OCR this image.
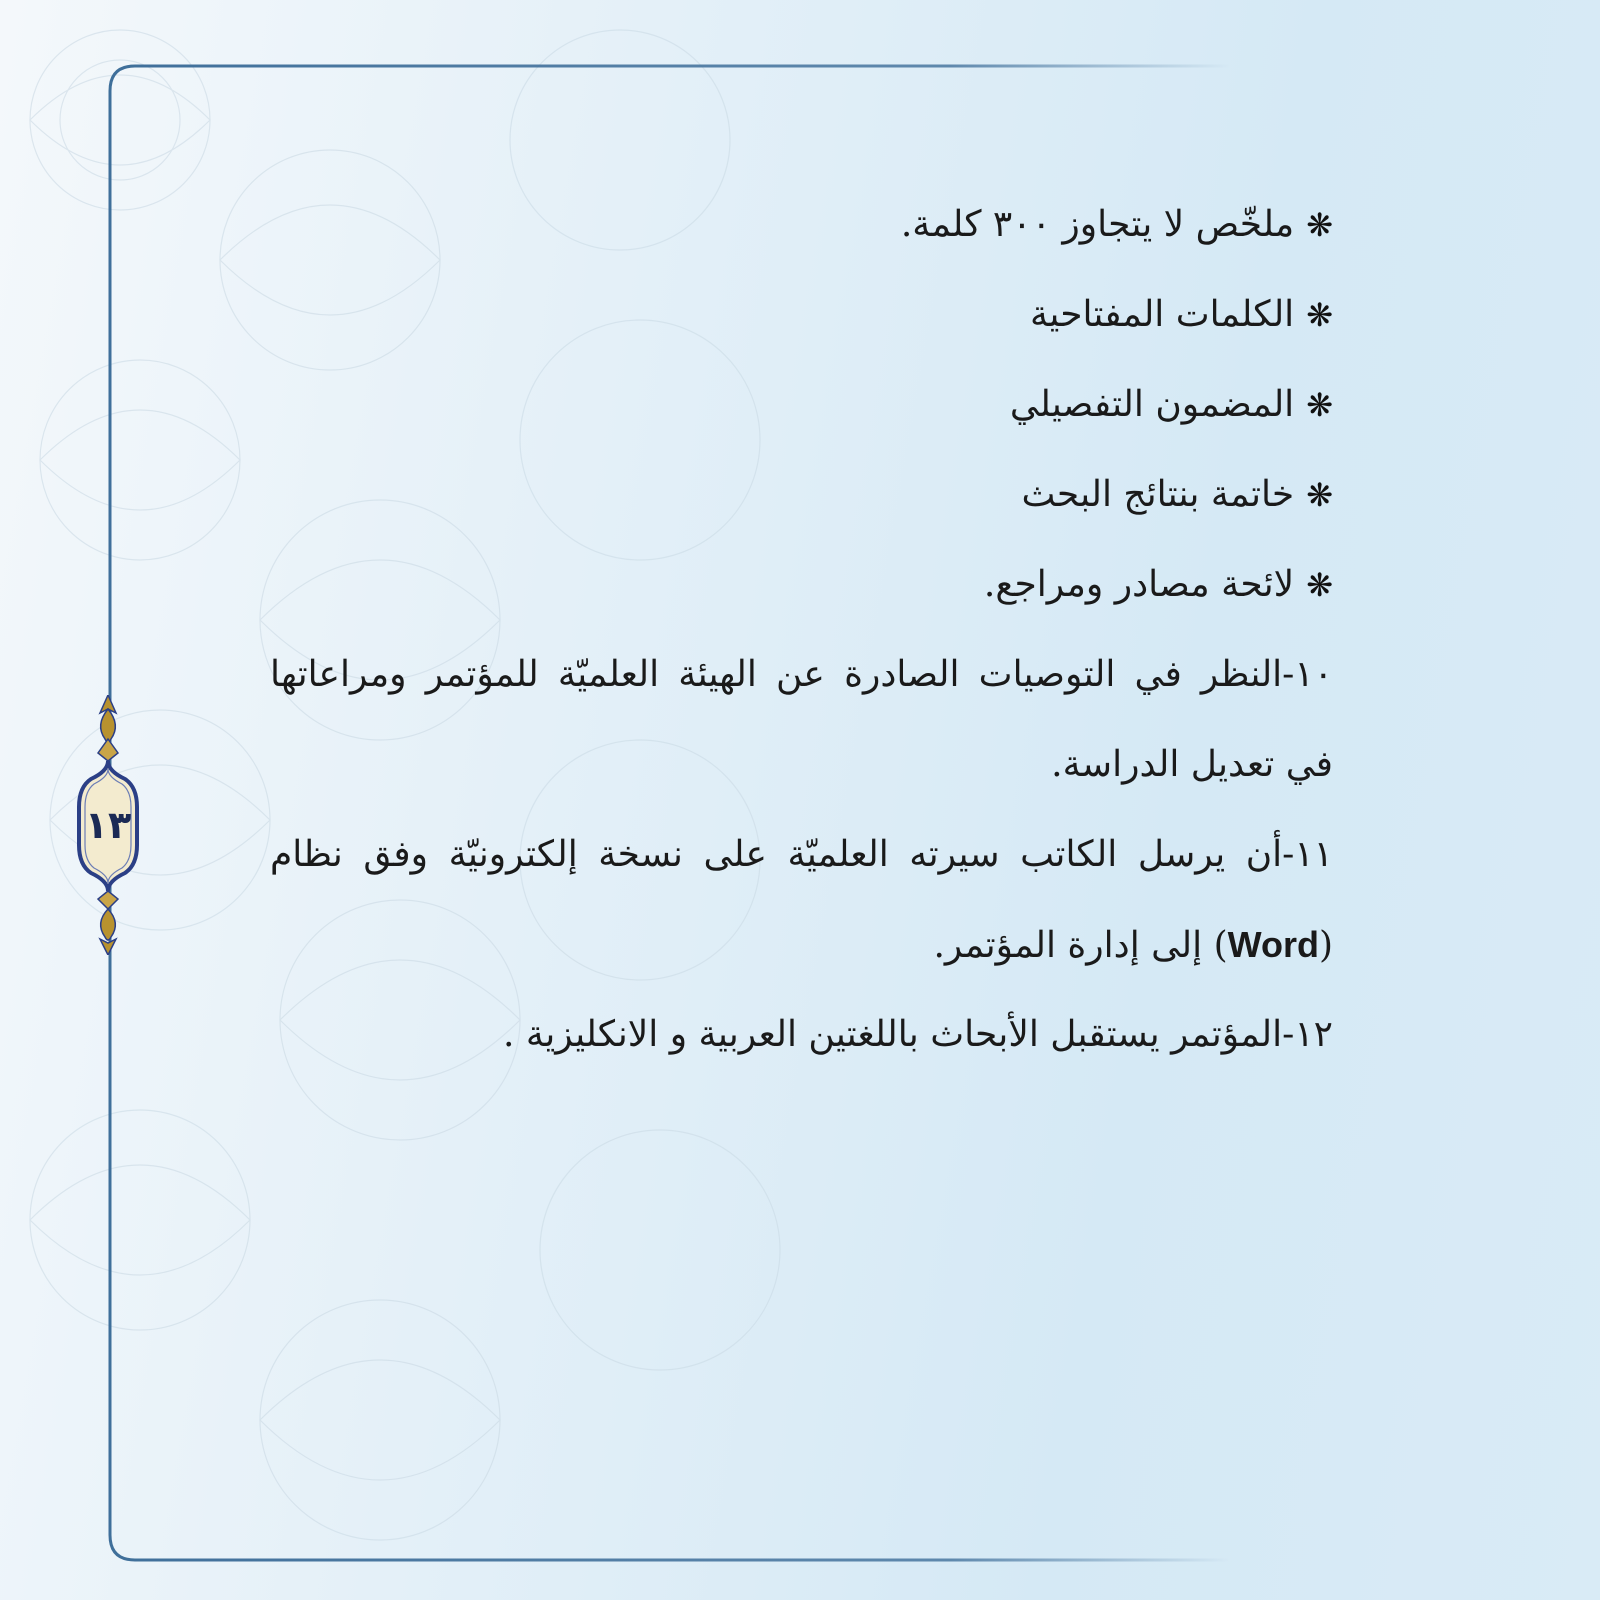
١٣
❋ملخّص لا يتجاوز ٣٠٠ كلمة.
❋الكلمات المفتاحية
❋المضمون التفصيلي
❋خاتمة بنتائج البحث
❋لائحة مصادر ومراجع.
١٠-النظر في التوصيات الصادرة عن الهيئة العلميّة للمؤتمر ومراعاتها
في تعديل الدراسة.
١١-أن يرسل الكاتب سيرته العلميّة على نسخة إلكترونيّة وفق نظام
(Word) إلى إدارة المؤتمر.
١٢-المؤتمر يستقبل الأبحاث باللغتين العربية و الانكليزية .
